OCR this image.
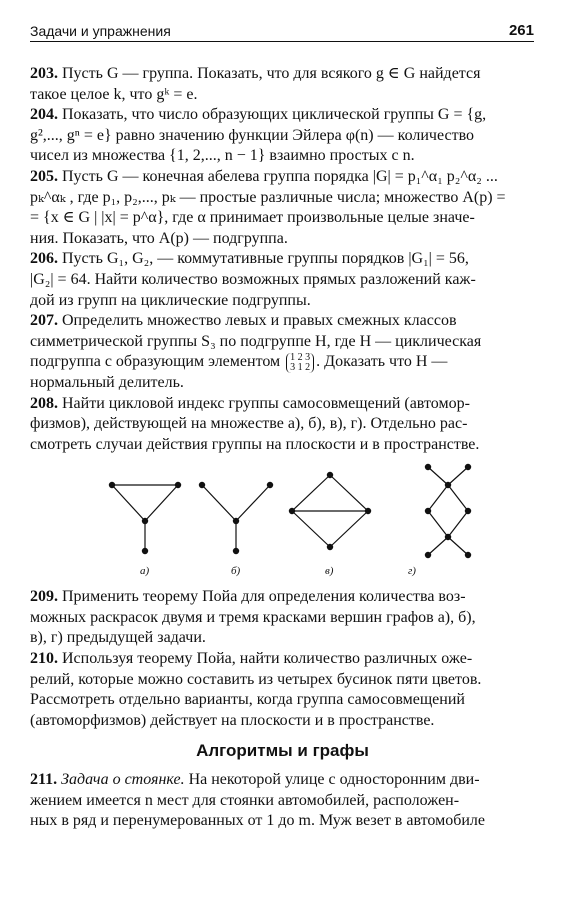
Задачи и упражнения	261

203. Пусть G — группа. Показать, что для всякого g ∈ G найдется
такое целое k, что gᵏ = e.

204. Показать, что число образующих циклической группы G = {g,
g²,..., gⁿ = e} равно значению функции Эйлера φ(n) — количество
чисел из множества {1, 2,..., n − 1} взаимно простых с n.

205. Пусть G — конечная абелева группа порядка |G| = p₁^α₁ p₂^α₂ ...
pₖ^αₖ , где p₁, p₂,..., pₖ — простые различные числа; множество A(p) =
= {x ∈ G | |x| = p^α}, где α принимает произвольные целые значе-
ния. Показать, что A(p) — подгруппа.

206. Пусть G₁, G₂, — коммутативные группы порядков |G₁| = 56,
|G₂| = 64. Найти количество возможных прямых разложений каж-
дой из групп на циклические подгруппы.

207. Определить множество левых и правых смежных классов
симметрической группы S₃ по подгруппе H, где H — циклическая
подгруппа с образующим элементом 1 2 3
3 1 2 . Доказать что H —
нормальный делитель.

208. Найти цикловой индекс группы самосовмещений (автомор-
физмов), действующей на множестве а), б), в), г). Отдельно рас-
смотреть случаи действия группы на плоскости и в пространстве.

а)	б)	в)	г)

209. Применить теорему Пойа для определения количества воз-
можных раскрасок двумя и тремя красками вершин графов а), б),
в), г) предыдущей задачи.

210. Используя теорему Пойа, найти количество различных оже-
релий, которые можно составить из четырех бусинок пяти цветов.
Рассмотреть отдельно варианты, когда группа самосовмещений
(автоморфизмов) действует на плоскости и в пространстве.

Алгоритмы и графы

211. Задача о стоянке. На некоторой улице с односторонним дви-
жением имеется n мест для стоянки автомобилей, расположен-
ных в ряд и перенумерованных от 1 до m. Муж везет в автомобиле
